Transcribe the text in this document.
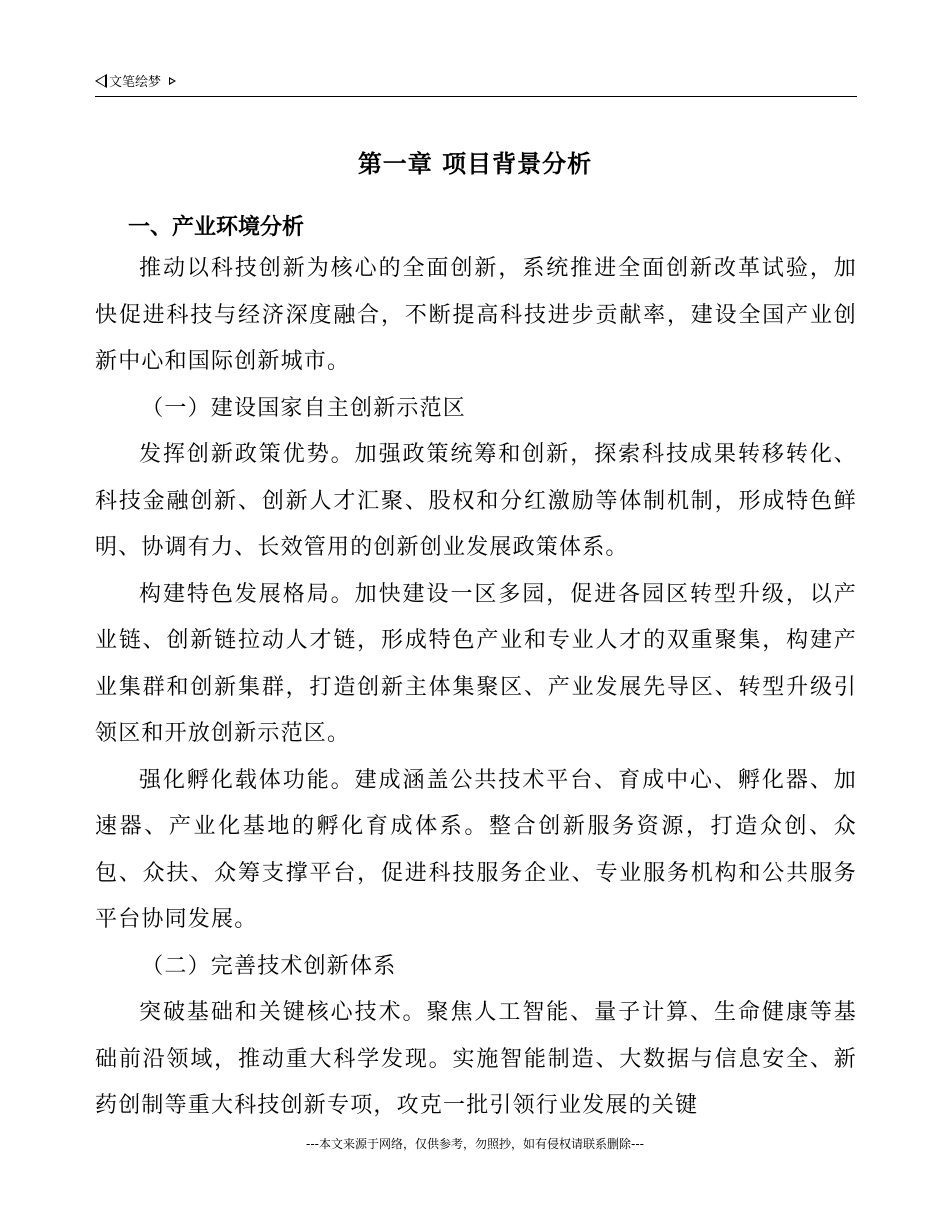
文笔绘梦
第一章 项目背景分析
一、产业环境分析

推动以科技创新为核心的全面创新，系统推进全面创新改革试验，加快促进科技与经济深度融合，不断提高科技进步贡献率，建设全国产业创新中心和国际创新城市。

（一）建设国家自主创新示范区

发挥创新政策优势。加强政策统筹和创新，探索科技成果转移转化、科技金融创新、创新人才汇聚、股权和分红激励等体制机制，形成特色鲜明、协调有力、长效管用的创新创业发展政策体系。

构建特色发展格局。加快建设一区多园，促进各园区转型升级，以产业链、创新链拉动人才链，形成特色产业和专业人才的双重聚集，构建产业集群和创新集群，打造创新主体集聚区、产业发展先导区、转型升级引领区和开放创新示范区。

强化孵化载体功能。建成涵盖公共技术平台、育成中心、孵化器、加速器、产业化基地的孵化育成体系。整合创新服务资源，打造众创、众包、众扶、众筹支撑平台，促进科技服务企业、专业服务机构和公共服务平台协同发展。

（二）完善技术创新体系

突破基础和关键核心技术。聚焦人工智能、量子计算、生命健康等基础前沿领域，推动重大科学发现。实施智能制造、大数据与信息安全、新药创制等重大科技创新专项，攻克一批引领行业发展的关键

---本文来源于网络，仅供参考，勿照抄，如有侵权请联系删除---
